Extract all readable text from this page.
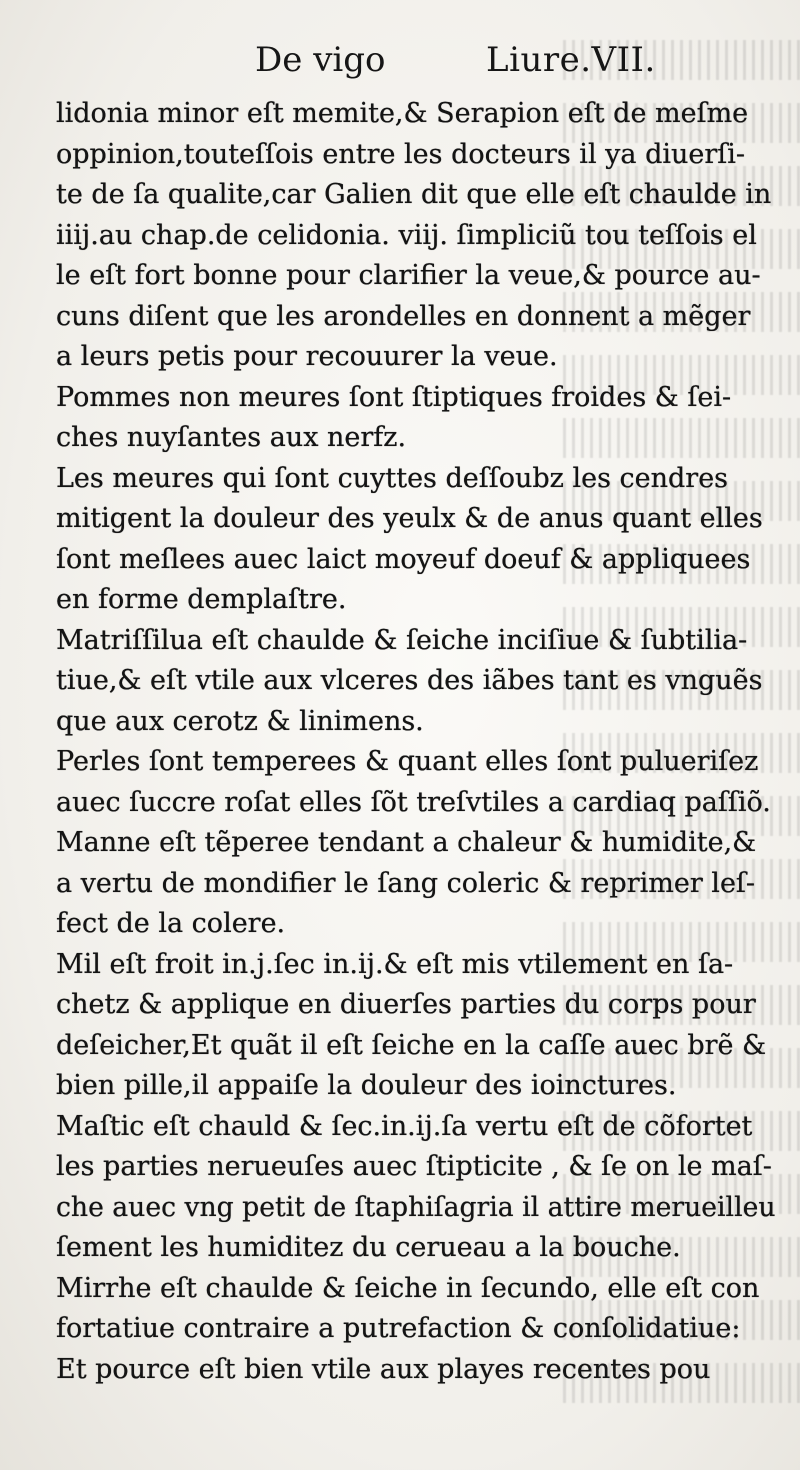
De vigo	Liure.VII.
lidonia minor eſt memite,& Serapion eſt de meſme
oppinion,touteſſois entre les docteurs il ya diuerſi-
te de ſa qualite,car Galien dit que elle eſt chaulde in
iiij.au chap.de celidonia. viij. ſimpliciũ tou teſſois el
le eſt fort bonne pour clarifier la veue,& pource au-
cuns diſent que les arondelles en donnent a mẽger
a leurs petis pour recouurer la veue.
Pommes non meures ſont ſtiptiques froides & ſei-
ches nuyſantes aux nerfz.
Les meures qui ſont cuyttes deſſoubz les cendres
mitigent la douleur des yeulx & de anus quant elles
ſont meſlees auec laict moyeuf doeuf & appliquees
en forme demplaſtre.
Matriſſilua eſt chaulde & ſeiche inciſiue & ſubtilia-
tiue,& eſt vtile aux vlceres des iãbes tant es vnguẽs
que aux cerotz & linimens.
Perles ſont temperees & quant elles ſont pulueriſez
auec ſuccre roſat elles ſõt treſvtiles a cardiaq paſſiõ.
Manne eſt tẽperee tendant a chaleur & humidite,&
a vertu de mondifier le ſang coleric & reprimer leſ-
fect de la colere.
Mil eſt froit in.j.ſec in.ij.& eſt mis vtilement en ſa-
chetz & applique en diuerſes parties du corps pour
deſeicher,Et quãt il eſt ſeiche en la caſſe auec brẽ &
bien pille,il appaiſe la douleur des ioinctures.
Maſtic eſt chauld & ſec.in.ij.ſa vertu eſt de cõfortet
les parties nerueuſes auec ſtipticite , & ſe on le maſ-
che auec vng petit de ſtaphiſagria il attire merueilleu
ſement les humiditez du cerueau a la bouche.
Mirrhe eſt chaulde & ſeiche in ſecundo, elle eſt con
fortatiue contraire a putrefaction & conſolidatiue:
Et pource eſt bien vtile aux playes recentes pou
